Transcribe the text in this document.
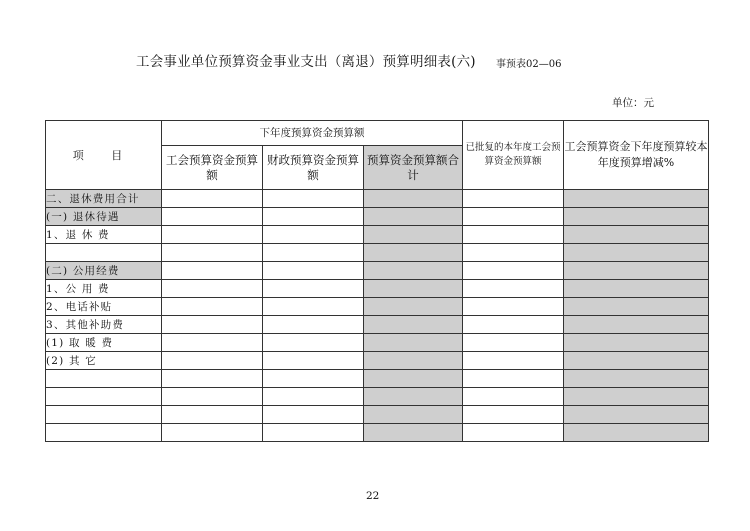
工会事业单位预算资金事业支出（离退）预算明细表(六) 事预表02—06
单位：元
项 目	下年度预算资金预算额			已批复的本年度工会预算资金预算额	工会预算资金下年度预算较本年度预算增减%
	工会预算资金预算额	财政预算资金预算额	预算资金预算额合计		
二、退休费用合计					
(一) 退休待遇					
1、退 休 费					

(二) 公用经费					
1、公 用 费					
2、电话补贴					
3、其他补助费					
(1) 取 暖 费					
(2) 其 它					

22
